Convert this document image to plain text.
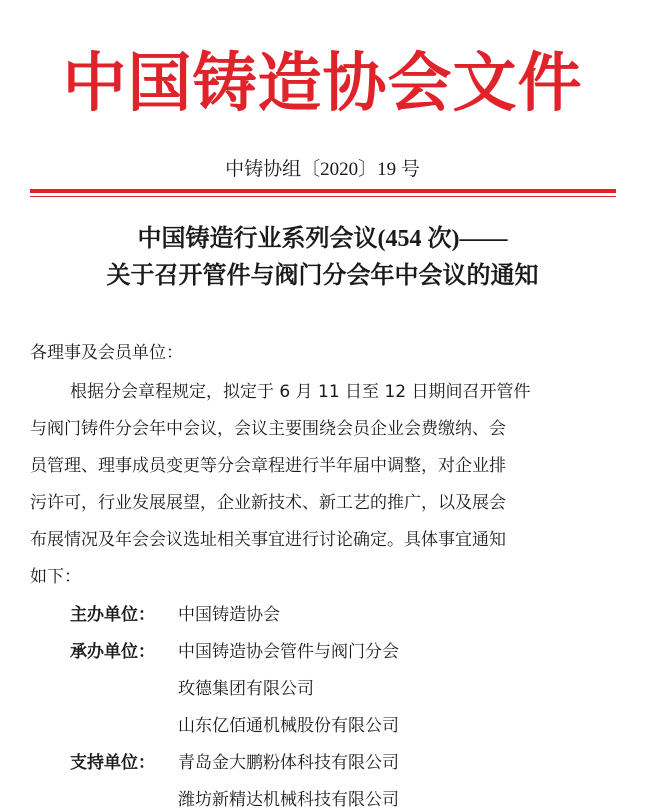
中国铸造协会文件
中铸协组〔2020〕19 号
中国铸造行业系列会议(454 次)——
关于召开管件与阀门分会年中会议的通知
各理事及会员单位：
根据分会章程规定，拟定于 6 月 11 日至 12 日期间召开管件
与阀门铸件分会年中会议，会议主要围绕会员企业会费缴纳、会
员管理、理事成员变更等分会章程进行半年届中调整，对企业排
污许可，行业发展展望，企业新技术、新工艺的推广，以及展会
布展情况及年会会议选址相关事宜进行讨论确定。具体事宜通知
如下：
主办单位： 中国铸造协会
承办单位： 中国铸造协会管件与阀门分会
玫德集团有限公司
山东亿佰通机械股份有限公司
支持单位： 青岛金大鹏粉体科技有限公司
潍坊新精达机械科技有限公司
